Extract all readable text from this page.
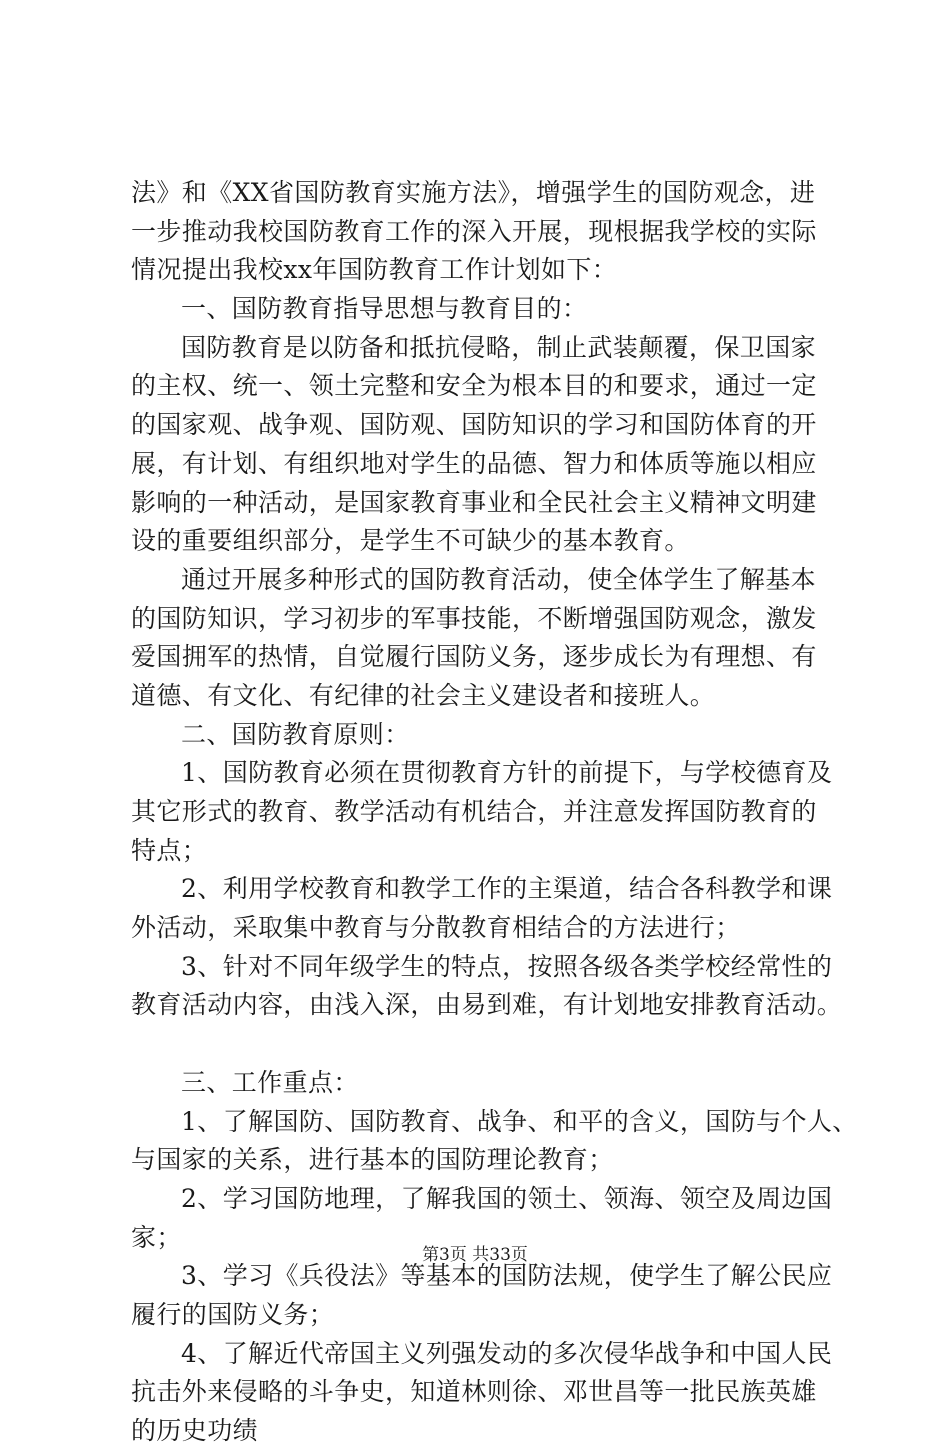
法》和《XX省国防教育实施方法》，增强学生的国防观念，进
一步推动我校国防教育工作的深入开展，现根据我学校的实际
情况提出我校xx年国防教育工作计划如下：
一、国防教育指导思想与教育目的：
国防教育是以防备和抵抗侵略，制止武装颠覆，保卫国家
的主权、统一、领土完整和安全为根本目的和要求，通过一定
的国家观、战争观、国防观、国防知识的学习和国防体育的开
展，有计划、有组织地对学生的品德、智力和体质等施以相应
影响的一种活动，是国家教育事业和全民社会主义精神文明建
设的重要组织部分，是学生不可缺少的基本教育。
通过开展多种形式的国防教育活动，使全体学生了解基本
的国防知识，学习初步的军事技能，不断增强国防观念，激发
爱国拥军的热情，自觉履行国防义务，逐步成长为有理想、有
道德、有文化、有纪律的社会主义建设者和接班人。
二、国防教育原则：
1、国防教育必须在贯彻教育方针的前提下，与学校德育及
其它形式的教育、教学活动有机结合，并注意发挥国防教育的
特点；
2、利用学校教育和教学工作的主渠道，结合各科教学和课
外活动，采取集中教育与分散教育相结合的方法进行；
3、针对不同年级学生的特点，按照各级各类学校经常性的
教育活动内容，由浅入深，由易到难，有计划地安排教育活动。
三、工作重点：
1、了解国防、国防教育、战争、和平的含义，国防与个人、
与国家的关系，进行基本的国防理论教育；
2、学习国防地理，了解我国的领土、领海、领空及周边国
家；
3、学习《兵役法》等基本的国防法规，使学生了解公民应
履行的国防义务；
4、了解近代帝国主义列强发动的多次侵华战争和中国人民
抗击外来侵略的斗争史，知道林则徐、邓世昌等一批民族英雄
的历史功绩
第3页 共33页
